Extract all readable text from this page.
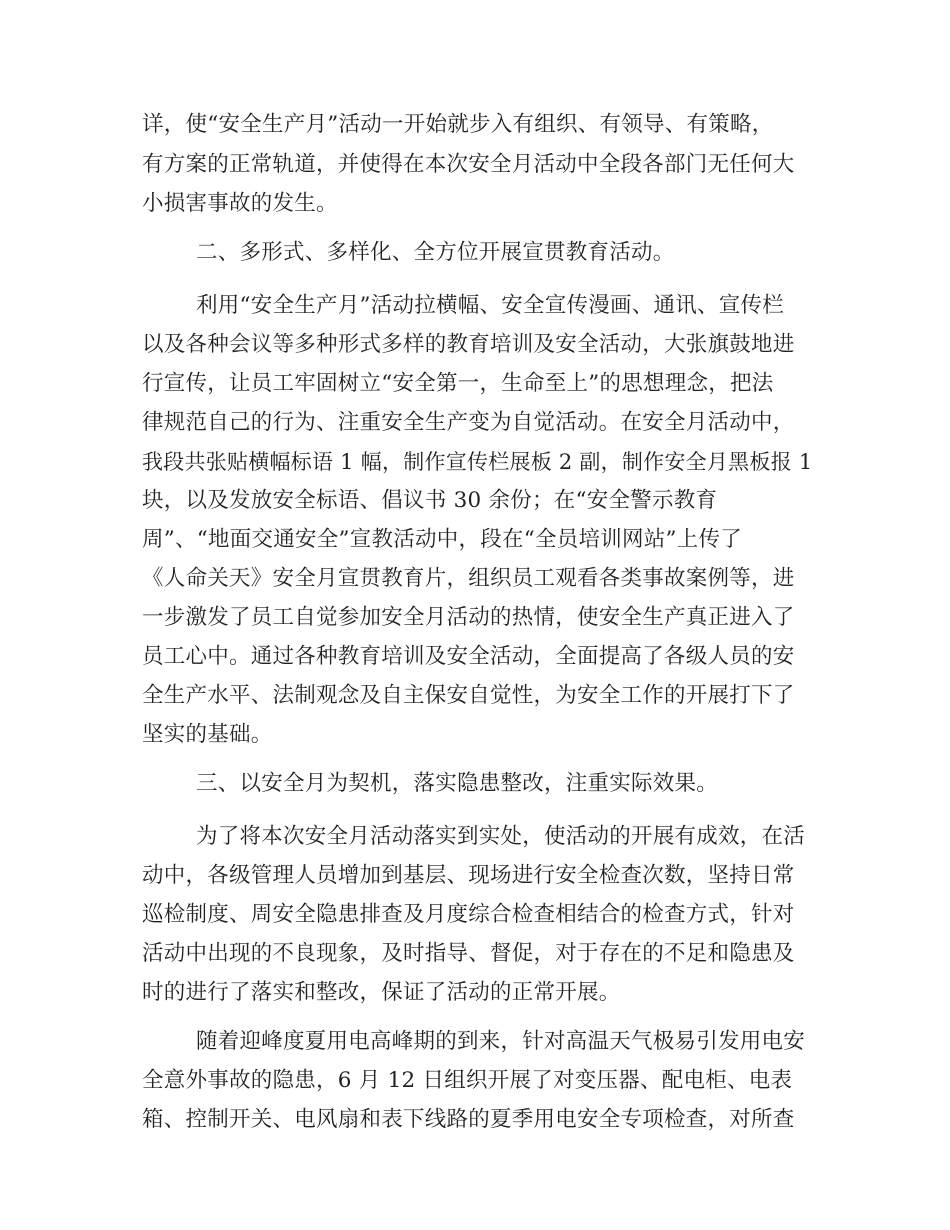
详，使“安全生产月”活动一开始就步入有组织、有领导、有策略，
有方案的正常轨道，并使得在本次安全月活动中全段各部门无任何大
小损害事故的发生。
二、多形式、多样化、全方位开展宣贯教育活动。
利用“安全生产月”活动拉横幅、安全宣传漫画、通讯、宣传栏
以及各种会议等多种形式多样的教育培训及安全活动，大张旗鼓地进
行宣传，让员工牢固树立“安全第一，生命至上”的思想理念，把法
律规范自己的行为、注重安全生产变为自觉活动。在安全月活动中，
我段共张贴横幅标语 1 幅，制作宣传栏展板 2 副，制作安全月黑板报 1
块，以及发放安全标语、倡议书 30 余份；在“安全警示教育
周”、“地面交通安全”宣教活动中，段在“全员培训网站”上传了
《人命关天》安全月宣贯教育片，组织员工观看各类事故案例等，进
一步激发了员工自觉参加安全月活动的热情，使安全生产真正进入了
员工心中。通过各种教育培训及安全活动，全面提高了各级人员的安
全生产水平、法制观念及自主保安自觉性，为安全工作的开展打下了
坚实的基础。
三、以安全月为契机，落实隐患整改，注重实际效果。
为了将本次安全月活动落实到实处，使活动的开展有成效，在活
动中，各级管理人员增加到基层、现场进行安全检查次数，坚持日常
巡检制度、周安全隐患排查及月度综合检查相结合的检查方式，针对
活动中出现的不良现象，及时指导、督促，对于存在的不足和隐患及
时的进行了落实和整改，保证了活动的正常开展。
随着迎峰度夏用电高峰期的到来，针对高温天气极易引发用电安
全意外事故的隐患，6 月 12 日组织开展了对变压器、配电柜、电表
箱、控制开关、电风扇和表下线路的夏季用电安全专项检查，对所查
